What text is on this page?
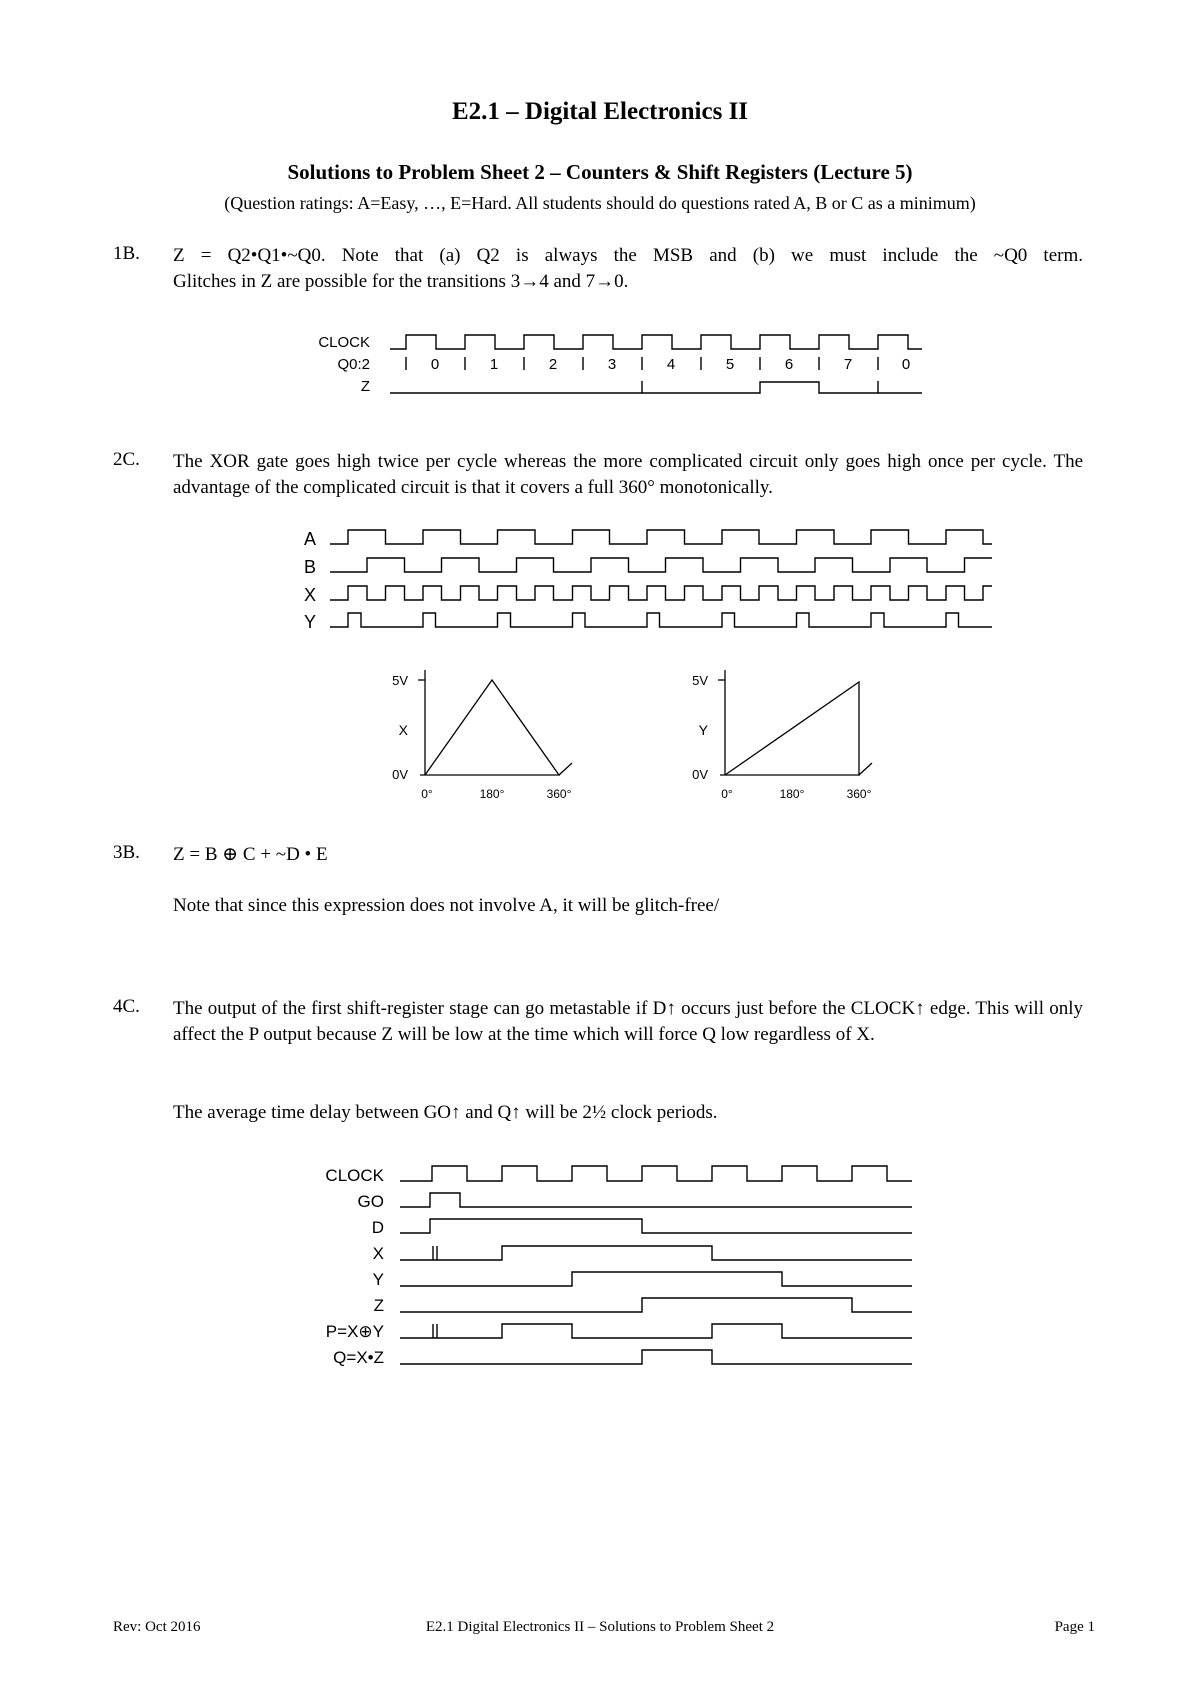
E2.1 – Digital Electronics II
Solutions to Problem Sheet 2 – Counters & Shift Registers (Lecture 5)
(Question ratings: A=Easy, …, E=Hard. All students should do questions rated A, B or C as a minimum)
1B. Z = Q2•Q1•~Q0. Note that (a) Q2 is always the MSB and (b) we must include the ~Q0 term.
Glitches in Z are possible for the transitions 3→4 and 7→0.
CLOCK
Q0:2
Z
0	1	2	3	4	5	6	7	0
2C. The XOR gate goes high twice per cycle whereas the more complicated circuit only goes high once per cycle. The advantage of the complicated circuit is that it covers a full 360° monotonically.
A
B
X
Y
5V
X
0V
0°	180°	360°
5V
Y
0V
0°	180°	360°
3B. Z = B ⊕ C + ~D • E
Note that since this expression does not involve A, it will be glitch-free/
4C. The output of the first shift-register stage can go metastable if D↑ occurs just before the CLOCK↑ edge. This will only affect the P output because Z will be low at the time which will force Q low regardless of X.
The average time delay between GO↑ and Q↑ will be 2½ clock periods.
CLOCK
GO
D
X
Y
Z
P=X⊕Y
Q=X•Z
Rev: Oct 2016	E2.1 Digital Electronics II – Solutions to Problem Sheet 2	Page 1
